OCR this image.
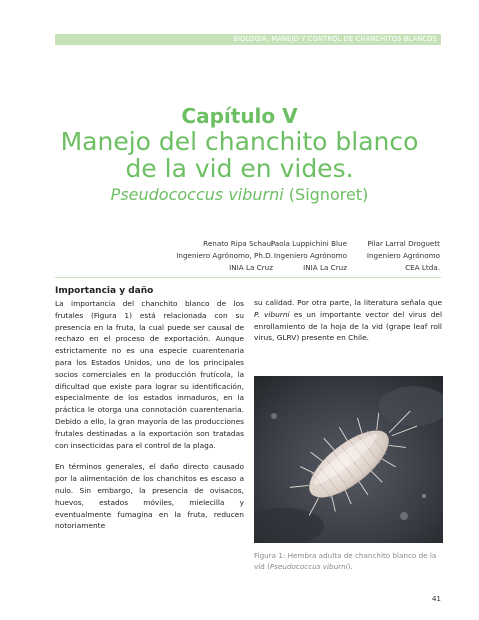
BIOLOGIA, MANEJO Y CONTROL DE CHANCHITOS BLANCOS
Capítulo V
Manejo del chanchito blanco
de la vid en vides.
Pseudococcus viburni (Signoret)
Renato Ripa Schaul
Ingeniero Agrónomo, Ph.D.
INIA La Cruz
Paola Luppichini Blue
Ingeniero Agrónomo
INIA La Cruz
Pilar Larral Droguett
Ingeniero Agrónomo
CEA Ltda.
Importancia y daño

La importancia del chanchito blanco de los frutales (Figura 1) está relacionada con su presencia en la fruta, la cual puede ser causal de rechazo en el proceso de exportación. Aunque estrictamente no es una especie cuarentenaria para los Estados Unidos, uno de los principales socios comerciales en la producción frutícola, la dificultad que existe para lograr su identificación, especialmente de los estados inmaduros, en la práctica le otorga una connotación cuarentenaria. Debido a ello, la gran mayoría de las producciones frutales destinadas a la exportación son tratadas con insecticidas para el control de la plaga.

En términos generales, el daño directo causado por la alimentación de los chanchitos es escaso a nulo. Sin embargo, la presencia de ovisacos, huevos, estados móviles, mielecilla y eventualmente fumagina en la fruta, reducen notoriamente

su calidad. Por otra parte, la literatura señala que P. viburni es un importante vector del virus del enrollamiento de la hoja de la vid (grape leaf roll virus, GLRV) presente en Chile.

Figura 1: Hembra adulta de chanchito blanco de la vid (Pseudococcus viburni).
41
